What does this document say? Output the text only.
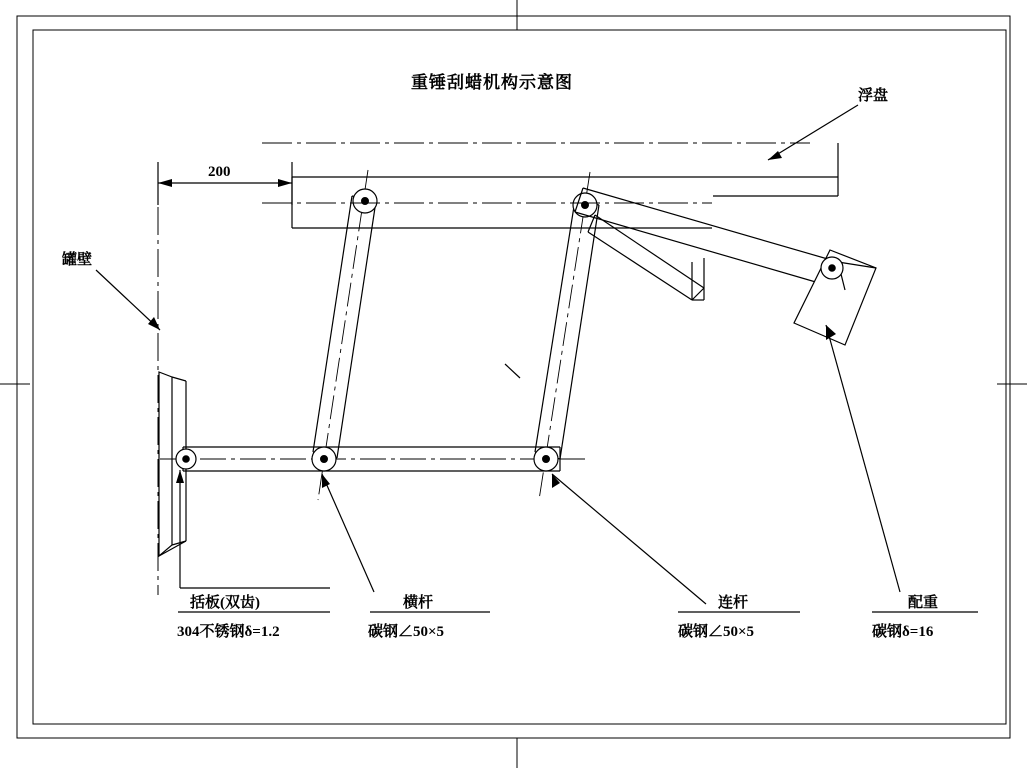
重锤刮蜡机构示意图
200
罐壁
浮盘
括板(双齿)
304不锈钢δ=1.2
横杆
碳钢∠50×5
连杆
碳钢∠50×5
配重
碳钢δ=16
